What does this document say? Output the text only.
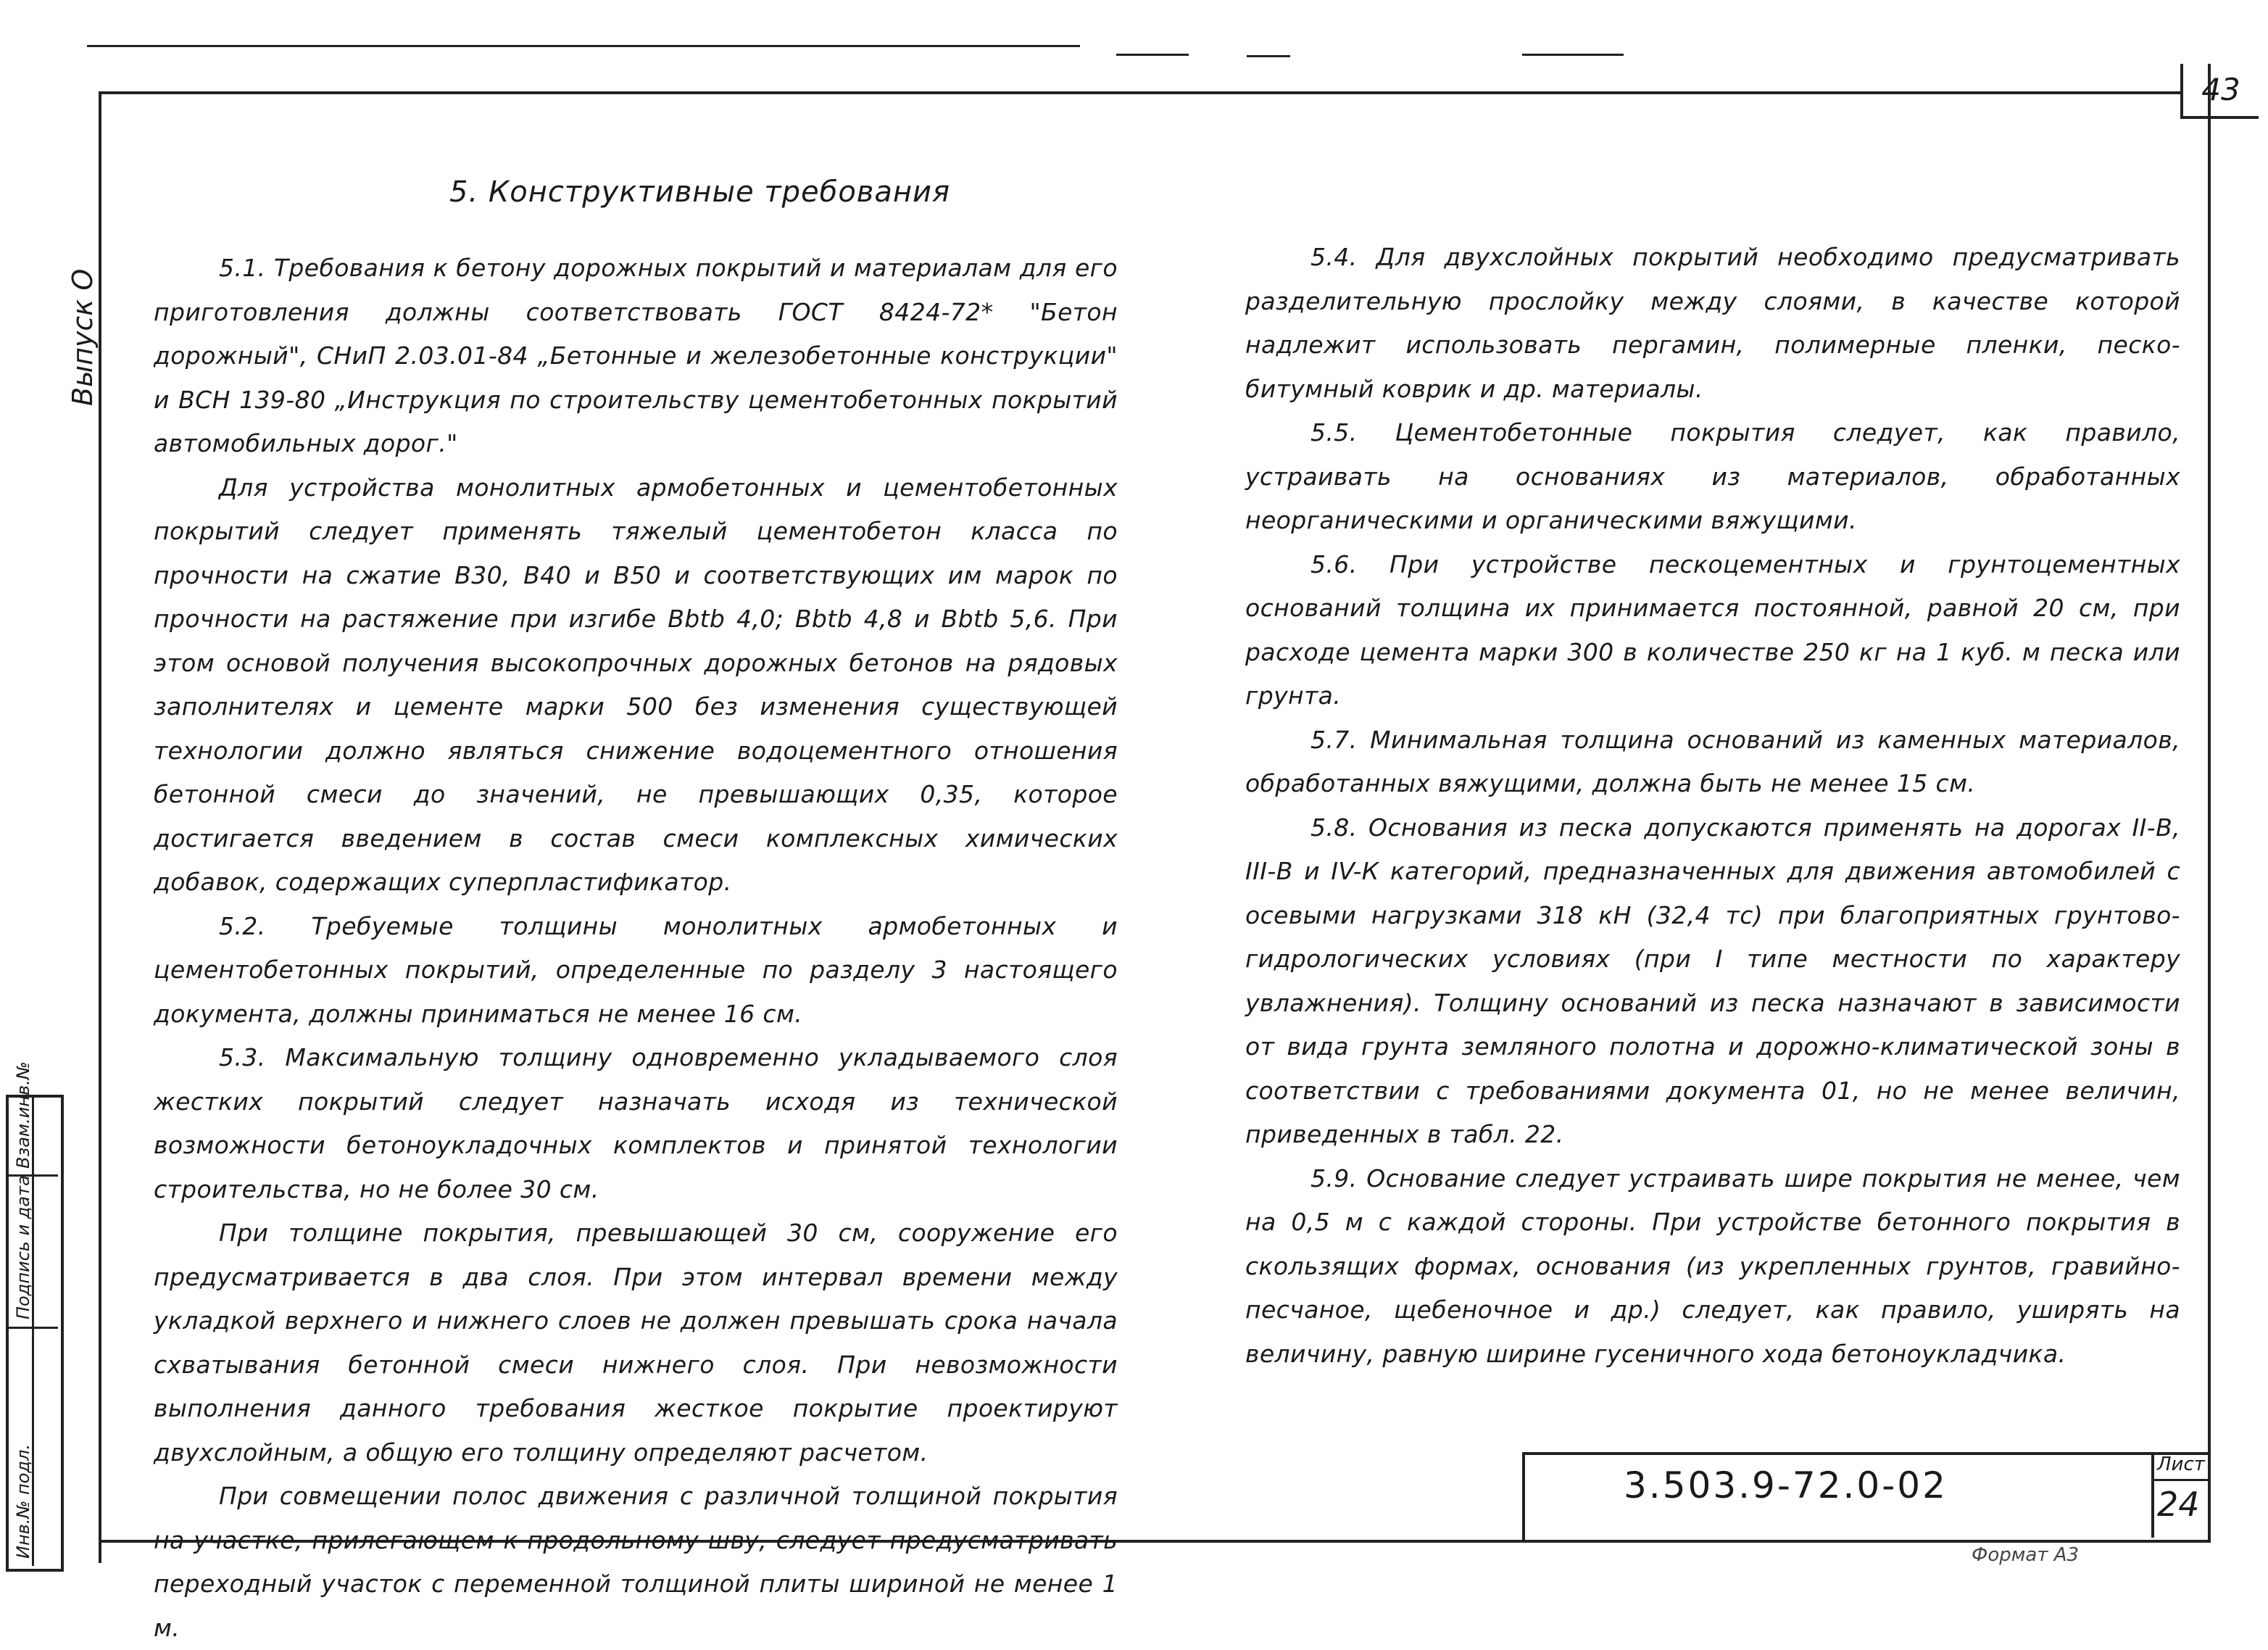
43
Выпуск О
Взам.инв.№
Подпись и дата
Инв.№ подл.
5. Конструктивные требования

5.1. Требования к бетону дорожных покрытий и материалам для его приготовления должны соответствовать ГОСТ 8424-72* "Бетон дорожный", СНиП 2.03.01-84 „Бетонные и железобетонные конструкции" и ВСН 139-80 „Инструкция по строительству цементобетонных покрытий автомобильных дорог."

Для устройства монолитных армобетонных и цементобетонных покрытий следует применять тяжелый цементобетон класса по прочности на сжатие В30, В40 и В50 и соответствующих им марок по прочности на растяжение при изгибе Вbtb 4,0; Вbtb 4,8 и Вbtb 5,6. При этом основой получения высокопрочных дорожных бетонов на рядовых заполнителях и цементе марки 500 без изменения существующей технологии должно являться снижение водоцементного отношения бетонной смеси до значений, не превышающих 0,35, которое достигается введением в состав смеси комплексных химических добавок, содержащих суперпластификатор.

5.2. Требуемые толщины монолитных армобетонных и цементобетонных покрытий, определенные по разделу 3 настоящего документа, должны приниматься не менее 16 см.

5.3. Максимальную толщину одновременно укладываемого слоя жестких покрытий следует назначать исходя из технической возможности бетоноукладочных комплектов и принятой технологии строительства, но не более 30 см.

При толщине покрытия, превышающей 30 см, сооружение его предусматривается в два слоя. При этом интервал времени между укладкой верхнего и нижнего слоев не должен превышать срока начала схватывания бетонной смеси нижнего слоя. При невозможности выполнения данного требования жесткое покрытие проектируют двухслойным, а общую его толщину определяют расчетом.

При совмещении полос движения с различной толщиной покрытия на участке, прилегающем к продольному шву, следует предусматривать переходный участок с переменной толщиной плиты шириной не менее 1 м.

5.4. Для двухслойных покрытий необходимо предусматривать разделительную прослойку между слоями, в качестве которой надлежит использовать пергамин, полимерные пленки, песко-битумный коврик и др. материалы.

5.5. Цементобетонные покрытия следует, как правило, устраивать на основаниях из материалов, обработанных неорганическими и органическими вяжущими.

5.6. При устройстве пескоцементных и грунтоцементных оснований толщина их принимается постоянной, равной 20 см, при расходе цемента марки 300 в количестве 250 кг на 1 куб. м песка или грунта.

5.7. Минимальная толщина оснований из каменных материалов, обработанных вяжущими, должна быть не менее 15 см.

5.8. Основания из песка допускаются применять на дорогах II-В, III-В и IV-К категорий, предназначенных для движения автомобилей с осевыми нагрузками 318 кН (32,4 тс) при благоприятных грунтово-гидрологических условиях (при I типе местности по характеру увлажнения). Толщину оснований из песка назначают в зависимости от вида грунта земляного полотна и дорожно-климатической зоны в соответствии с требованиями документа 01, но не менее величин, приведенных в табл. 22.

5.9. Основание следует устраивать шире покрытия не менее, чем на 0,5 м с каждой стороны. При устройстве бетонного покрытия в скользящих формах, основания (из укрепленных грунтов, гравийно-песчаное, щебеночное и др.) следует, как правило, уширять на величину, равную ширине гусеничного хода бетоноукладчика.

3.503.9-72.0-02	Лист
24
Формат А3
